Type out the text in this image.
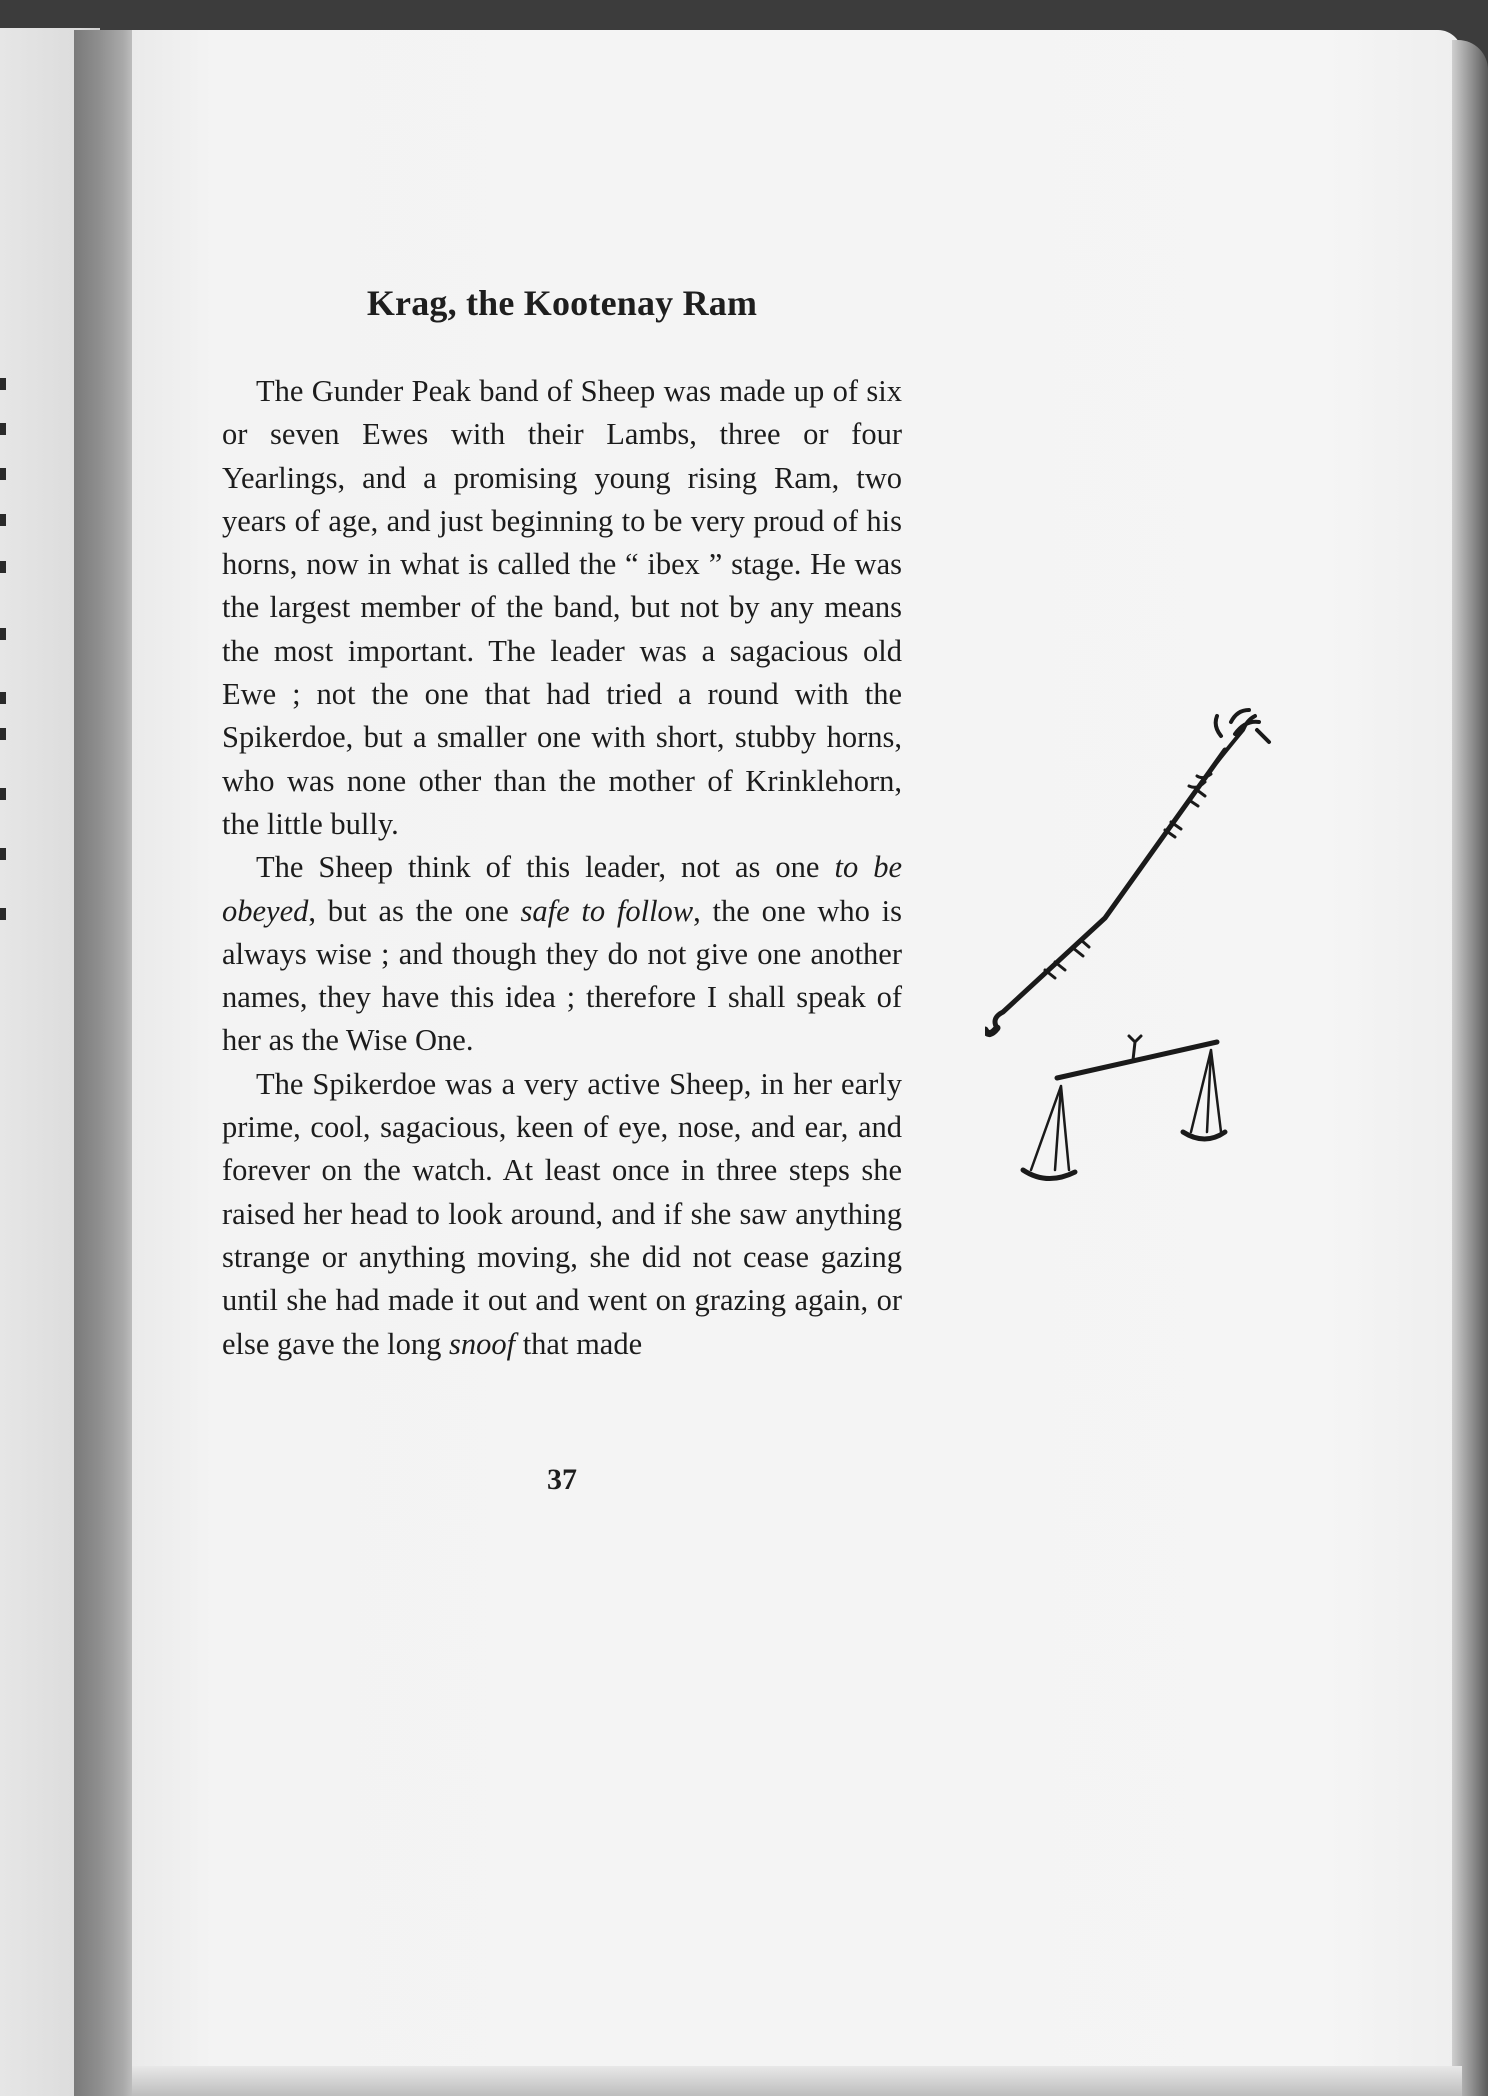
Krag, the Kootenay Ram

The Gunder Peak band of Sheep was made up of six or seven Ewes with their Lambs, three or four Yearlings, and a promising young rising Ram, two years of age, and just beginning to be very proud of his horns, now in what is called the “ ibex ” stage. He was the largest member of the band, but not by any means the most important. The leader was a sagacious old Ewe ; not the one that had tried a round with the Spikerdoe, but a smaller one with short, stubby horns, who was none other than the mother of Krinklehorn, the little bully.

The Sheep think of this leader, not as one to be obeyed, but as the one safe to follow, the one who is always wise ; and though they do not give one another names, they have this idea ; therefore I shall speak of her as the Wise One.

The Spikerdoe was a very active Sheep, in her early prime, cool, sagacious, keen of eye, nose, and ear, and forever on the watch. At least once in three steps she raised her head to look around, and if she saw anything strange or anything moving, she did not cease gazing until she had made it out and went on grazing again, or else gave the long snoof that made

37
